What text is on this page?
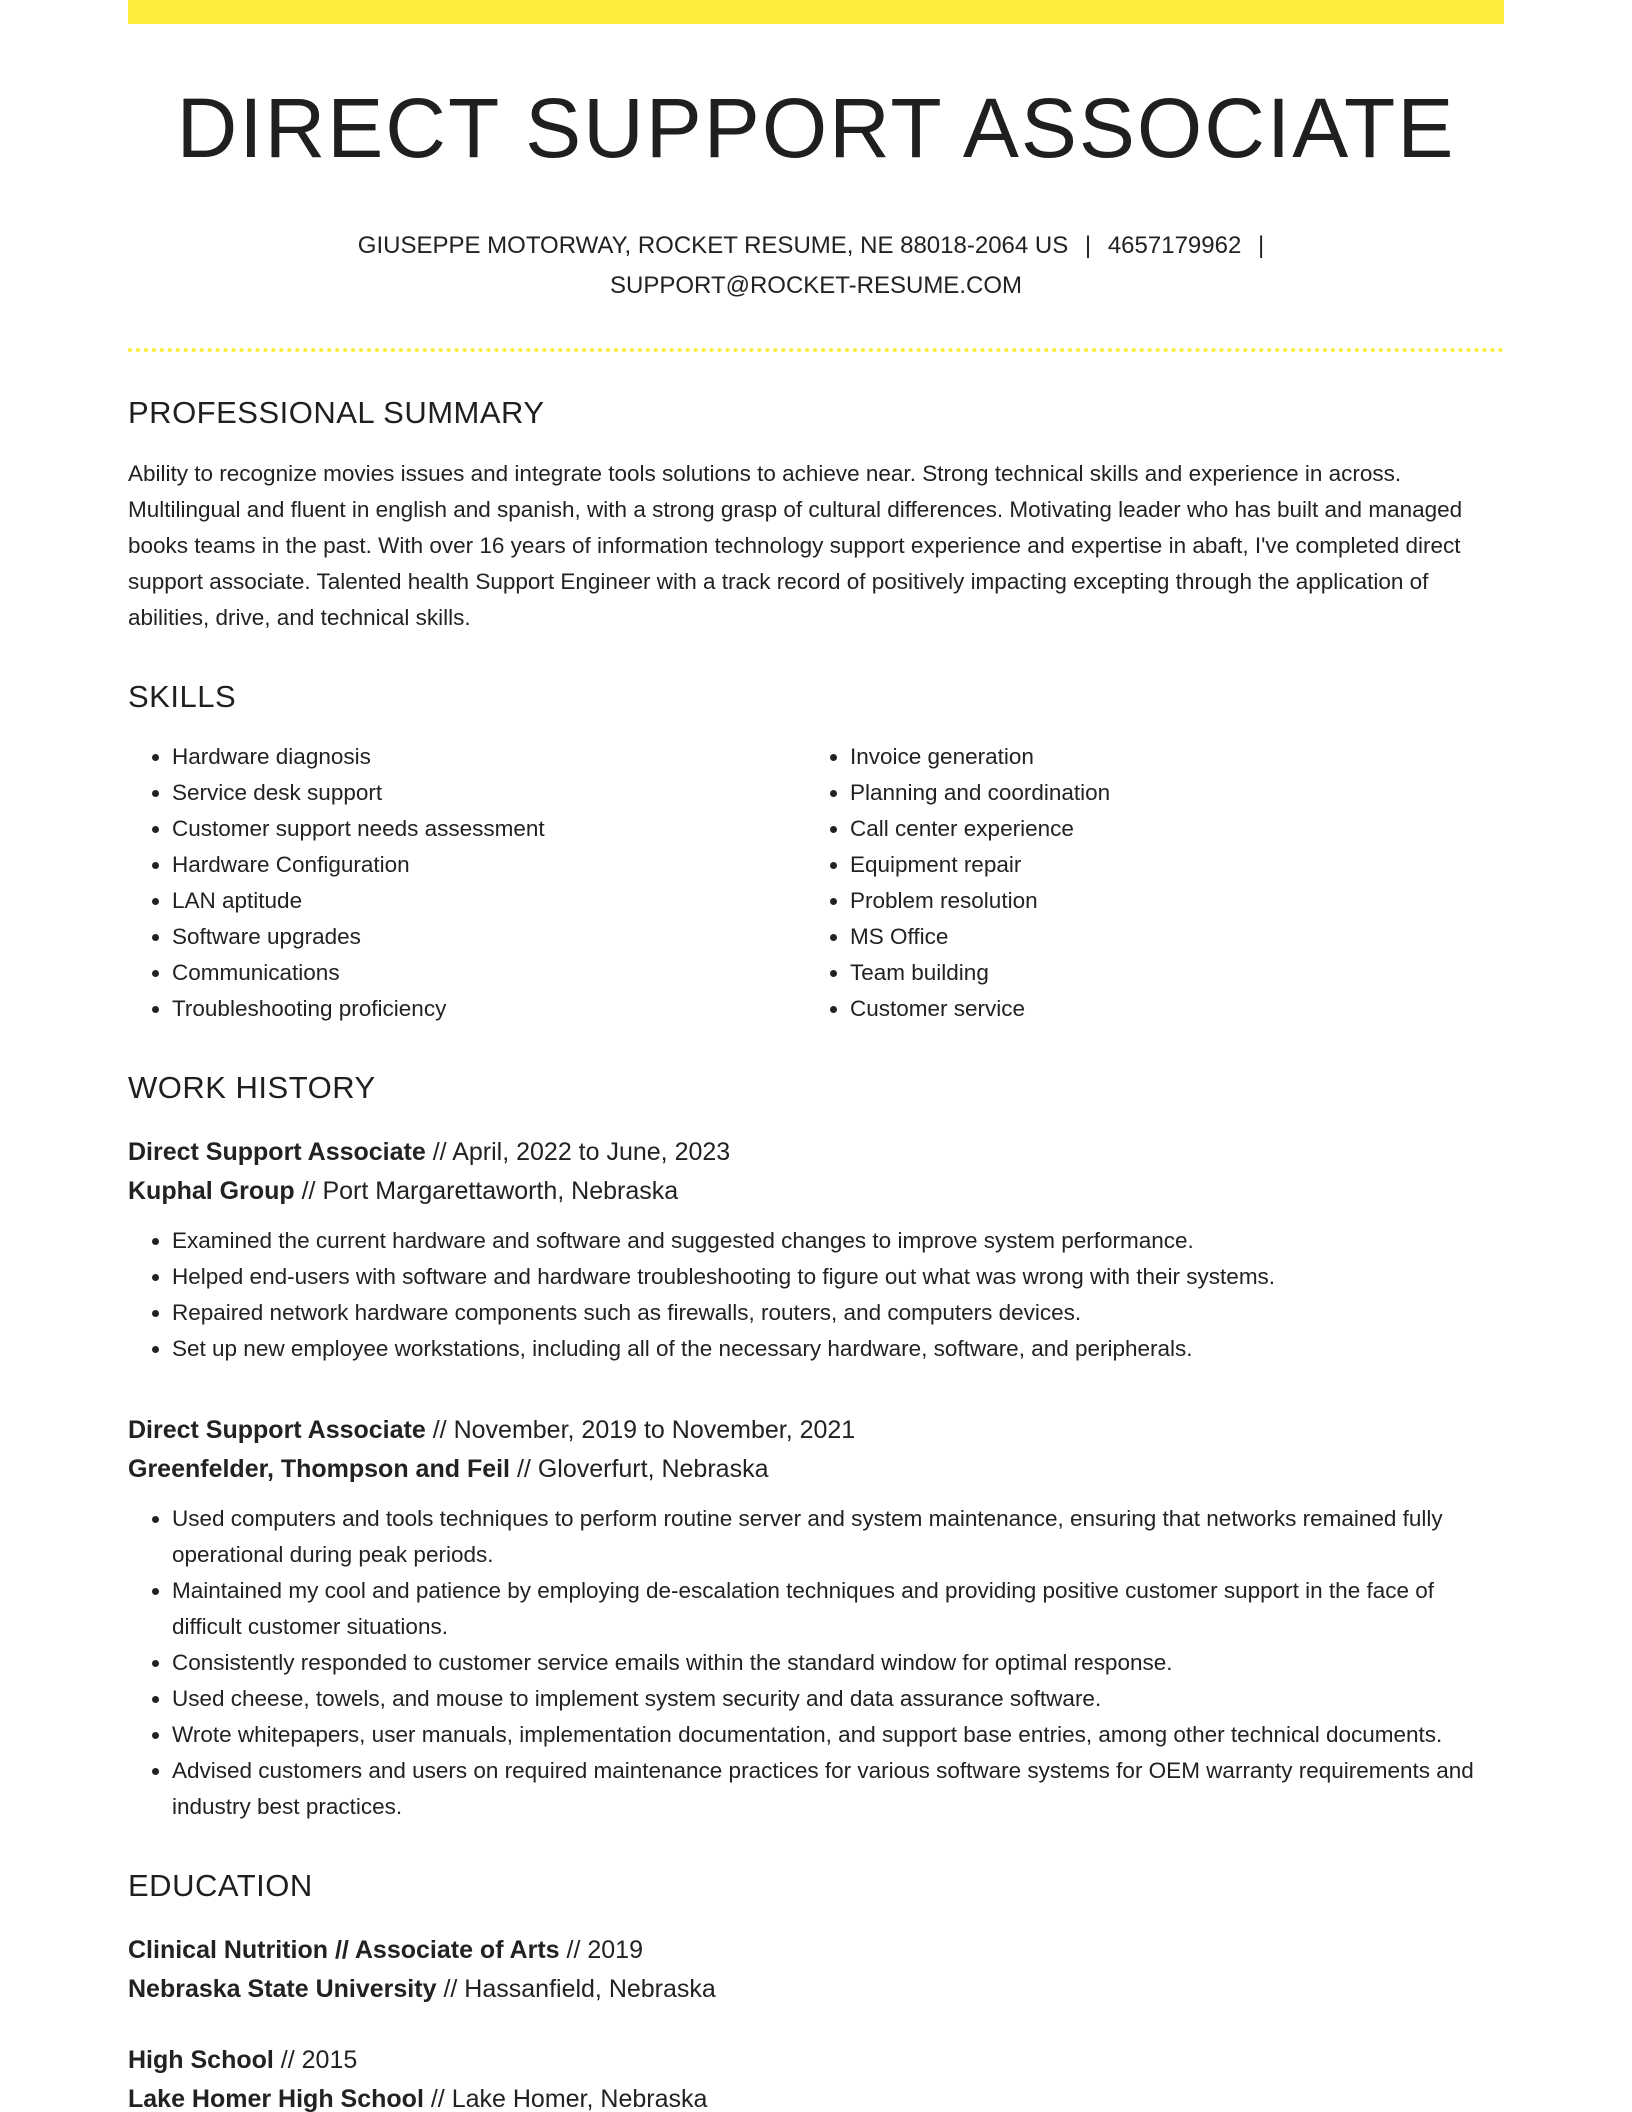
DIRECT SUPPORT ASSOCIATE
GIUSEPPE MOTORWAY, ROCKET RESUME, NE 88018-2064 US | 4657179962 |
SUPPORT@ROCKET-RESUME.COM
PROFESSIONAL SUMMARY

Ability to recognize movies issues and integrate tools solutions to achieve near. Strong technical skills and experience in across. Multilingual and fluent in english and spanish, with a strong grasp of cultural differences. Motivating leader who has built and managed books teams in the past. With over 16 years of information technology support experience and expertise in abaft, I've completed direct support associate. Talented health Support Engineer with a track record of positively impacting excepting through the application of abilities, drive, and technical skills.

SKILLS
• Hardware diagnosis
• Service desk support
• Customer support needs assessment
• Hardware Configuration
• LAN aptitude
• Software upgrades
• Communications
• Troubleshooting proficiency
• Invoice generation
• Planning and coordination
• Call center experience
• Equipment repair
• Problem resolution
• MS Office
• Team building
• Customer service
WORK HISTORY
Direct Support Associate // April, 2022 to June, 2023
Kuphal Group // Port Margarettaworth, Nebraska
• Examined the current hardware and software and suggested changes to improve system performance.
• Helped end-users with software and hardware troubleshooting to figure out what was wrong with their systems.
• Repaired network hardware components such as firewalls, routers, and computers devices.
• Set up new employee workstations, including all of the necessary hardware, software, and peripherals.
Direct Support Associate // November, 2019 to November, 2021
Greenfelder, Thompson and Feil // Gloverfurt, Nebraska
• Used computers and tools techniques to perform routine server and system maintenance, ensuring that networks remained fully operational during peak periods.
• Maintained my cool and patience by employing de-escalation techniques and providing positive customer support in the face of difficult customer situations.
• Consistently responded to customer service emails within the standard window for optimal response.
• Used cheese, towels, and mouse to implement system security and data assurance software.
• Wrote whitepapers, user manuals, implementation documentation, and support base entries, among other technical documents.
• Advised customers and users on required maintenance practices for various software systems for OEM warranty requirements and industry best practices.
EDUCATION
Clinical Nutrition // Associate of Arts // 2019
Nebraska State University // Hassanfield, Nebraska
High School // 2015
Lake Homer High School // Lake Homer, Nebraska
